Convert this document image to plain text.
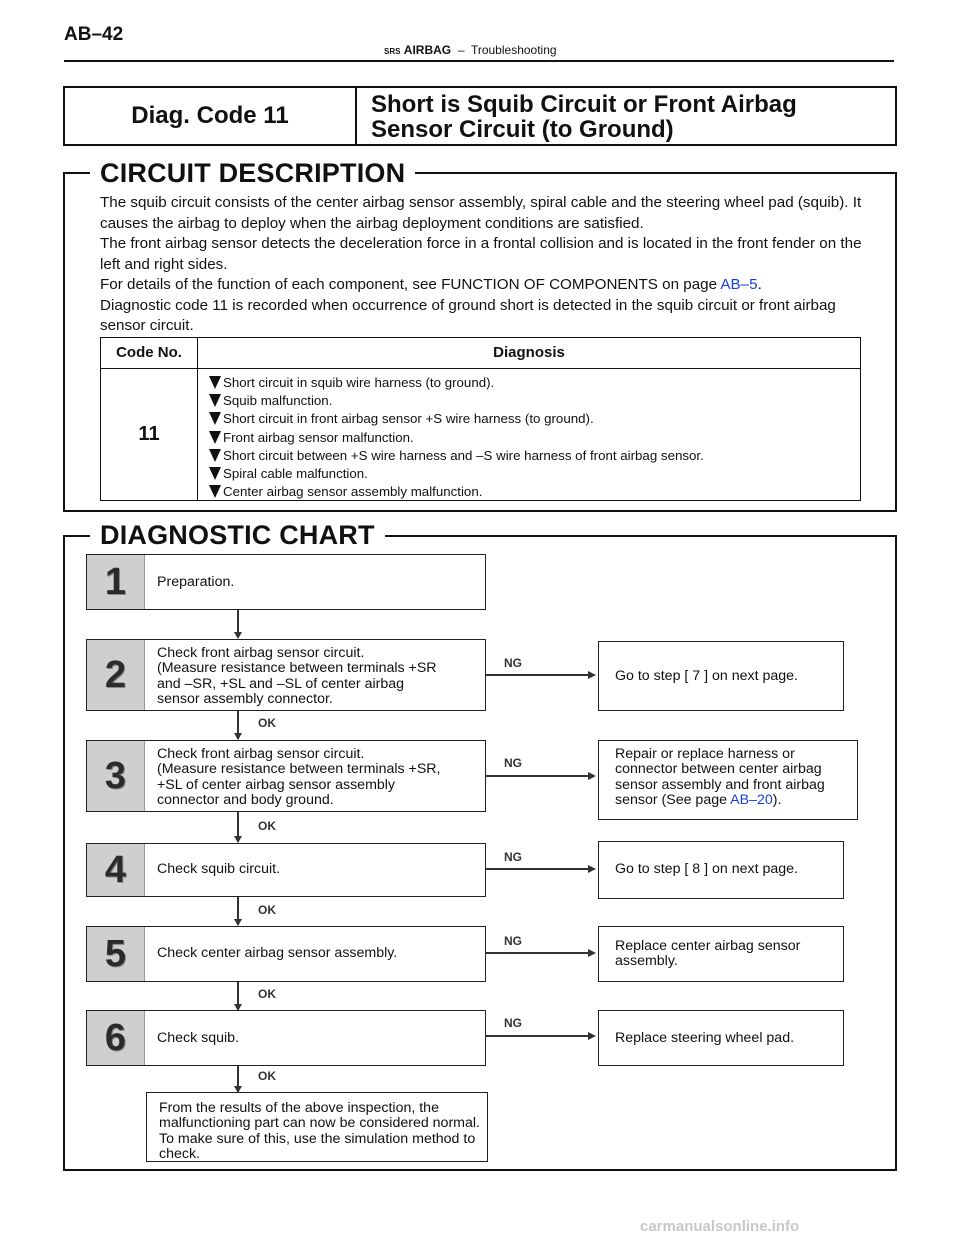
AB–42
SRS AIRBAG – Troubleshooting
Diag. Code 11	Short is Squib Circuit or Front Airbag
Sensor Circuit (to Ground)
CIRCUIT DESCRIPTION
The squib circuit consists of the center airbag sensor assembly, spiral cable and the steering wheel pad (squib). It causes the airbag to deploy when the airbag deployment conditions are satisfied.
The front airbag sensor detects the deceleration force in a frontal collision and is located in the front fender on the left and right sides.
For details of the function of each component, see FUNCTION OF COMPONENTS on page AB–5.
Diagnostic code 11 is recorded when occurrence of ground short is detected in the squib circuit or front airbag sensor circuit.
Code No.	Diagnosis
11
Short circuit in squib wire harness (to ground).
Squib malfunction.
Short circuit in front airbag sensor +S wire harness (to ground).
Front airbag sensor malfunction.
Short circuit between +S wire harness and –S wire harness of front airbag sensor.
Spiral cable malfunction.
Center airbag sensor assembly malfunction.
DIAGNOSTIC CHART
1	Preparation.
2
Check front airbag sensor circuit.
(Measure resistance between terminals +SR
and –SR, +SL and –SL of center airbag
sensor assembly connector.
NG
Go to step [ 7 ] on next page.
OK
3
Check front airbag sensor circuit.
(Measure resistance between terminals +SR,
+SL of center airbag sensor assembly
connector and body ground.
NG
Repair or replace harness or
connector between center airbag
sensor assembly and front airbag
sensor (See page AB–20).
OK
4	Check squib circuit.
NG
Go to step [ 8 ] on next page.
OK
5	Check center airbag sensor assembly.
NG	Replace center airbag sensor
assembly.
OK
6	Check squib.
NG
Replace steering wheel pad.
OK
From the results of the above inspection, the malfunctioning part can now be considered normal. To make sure of this, use the simulation method to check.
carmanualsonline.info
